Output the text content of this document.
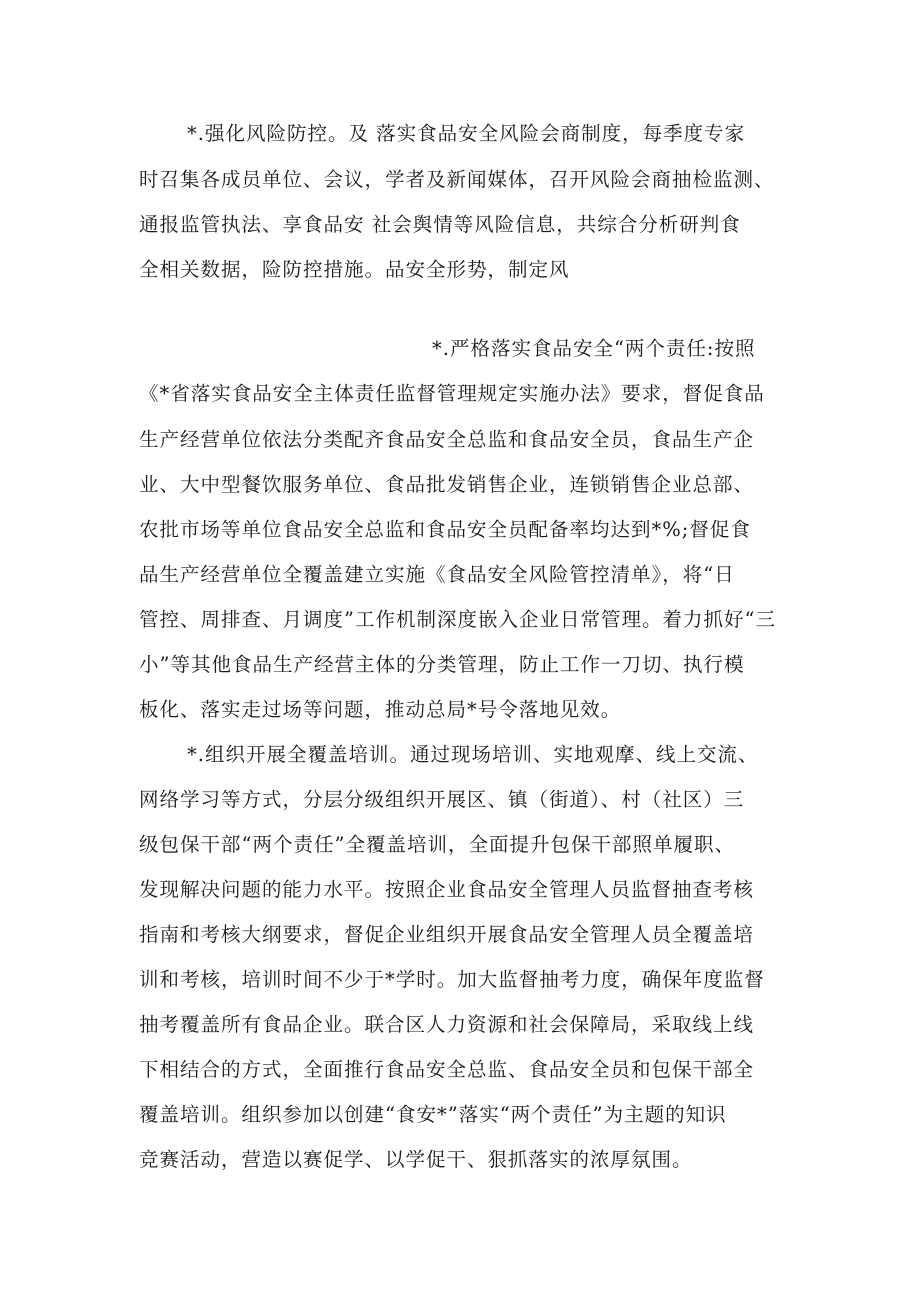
*.强化风险防控。及 落实食品安全风险会商制度，每季度专家
时召集各成员单位、会议，学者及新闻媒体，召开风险会商抽检监测、
通报监管执法、享食品安 社会舆情等风险信息，共综合分析研判食
全相关数据，险防控措施。品安全形势，制定风
*.严格落实食品安全“两个责任:按照
《*省落实食品安全主体责任监督管理规定实施办法》要求，督促食品
生产经营单位依法分类配齐食品安全总监和食品安全员，食品生产企
业、大中型餐饮服务单位、食品批发销售企业，连锁销售企业总部、
农批市场等单位食品安全总监和食品安全员配备率均达到*%;督促食
品生产经营单位全覆盖建立实施《食品安全风险管控清单》，将“日
管控、周排查、月调度”工作机制深度嵌入企业日常管理。着力抓好“三
小”等其他食品生产经营主体的分类管理，防止工作一刀切、执行模
板化、落实走过场等问题，推动总局*号令落地见效。
*.组织开展全覆盖培训。通过现场培训、实地观摩、线上交流、
网络学习等方式，分层分级组织开展区、镇（街道）、村（社区）三
级包保干部“两个责任”全覆盖培训，全面提升包保干部照单履职、
发现解决问题的能力水平。按照企业食品安全管理人员监督抽查考核
指南和考核大纲要求，督促企业组织开展食品安全管理人员全覆盖培
训和考核，培训时间不少于*学时。加大监督抽考力度，确保年度监督
抽考覆盖所有食品企业。联合区人力资源和社会保障局，采取线上线
下相结合的方式，全面推行食品安全总监、食品安全员和包保干部全
覆盖培训。组织参加以创建“食安*”落实“两个责任”为主题的知识
竞赛活动，营造以赛促学、以学促干、狠抓落实的浓厚氛围。
